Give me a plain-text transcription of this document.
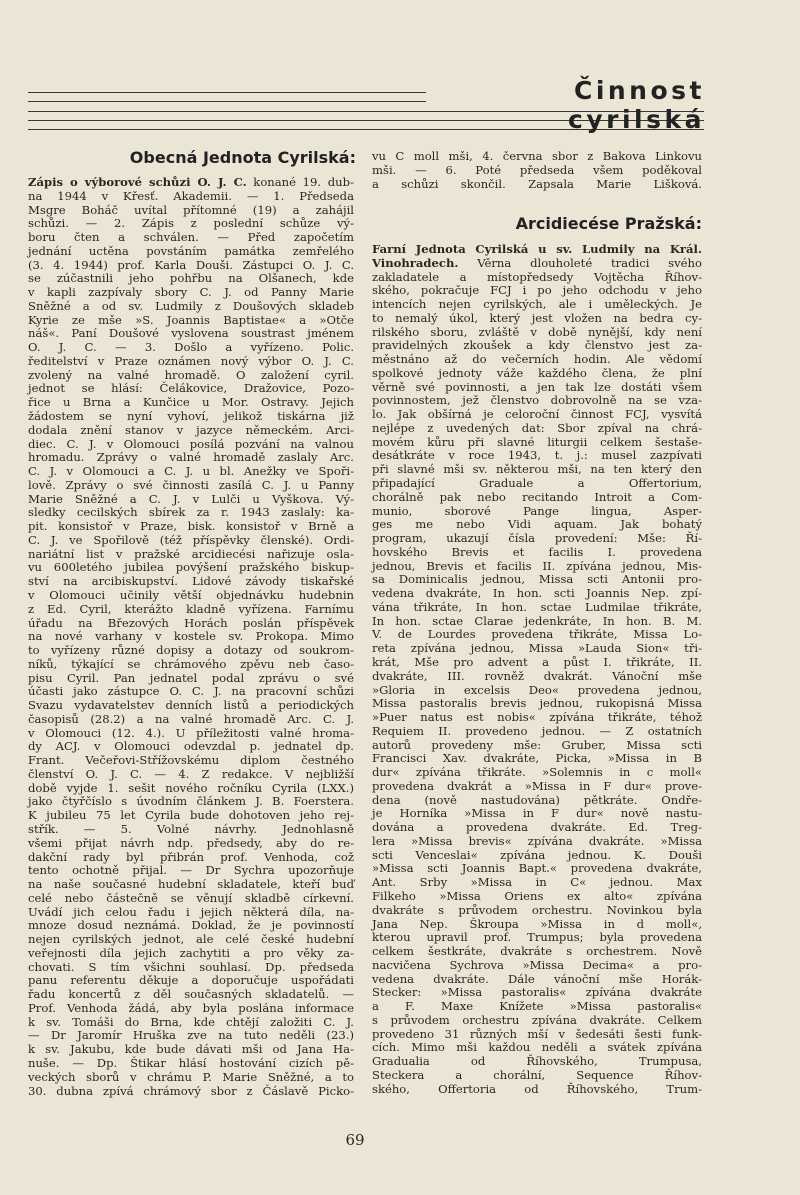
Činnost cyrilská
Obecná Jednota Cyrilská:
Zápis o výborové schůzi O. J. C. konané 19. dub-
na 1944 v Křesť. Akademii. — 1. Předseda
Msgre Boháč uvítal přítomné (19) a zahájil
schůzi. — 2. Zápis z poslední schůze vý-
boru čten a schválen. — Před započetím
jednání uctěna povstáním památka zemřelého
(3. 4. 1944) prof. Karla Douši. Zástupci O. J. C.
se zúčastnili jeho pohřbu na Olšanech, kde
v kapli zazpívaly sbory C. J. od Panny Marie
Sněžné a od sv. Ludmily z Doušových skladeb
Kyrie ze mše »S. Joannis Baptistae« a »Otče
náš«. Paní Doušové vyslovena soustrast jménem
O. J. C. — 3. Došlo a vyřízeno. Polic.
ředitelství v Praze oznámen nový výbor O. J. C.
zvolený na valné hromadě. O založení cyril.
jednot se hlásí: Čelákovice, Dražovice, Pozo-
řice u Brna a Kunčice u Mor. Ostravy. Jejich
žádostem se nyní vyhoví, jelikož tiskárna již
dodala znění stanov v jazyce německém. Arci-
diec. C. J. v Olomouci posílá pozvání na valnou
hromadu. Zprávy o valné hromadě zaslaly Arc.
C. J. v Olomouci a C. J. u bl. Anežky ve Spoři-
lově. Zprávy o své činnosti zasílá C. J. u Panny
Marie Sněžné a C. J. v Lulči u Vyškova. Vý-
sledky cecilských sbírek za r. 1943 zaslaly: ka-
pit. konsistoř v Praze, bisk. konsistoř v Brně a
C. J. ve Spořilově (též příspěvky členské). Ordi-
nariátní list v pražské arcidiecési nařizuje osla-
vu 600letého jubilea povýšení pražského biskup-
ství na arcibiskupství. Lidové závody tiskařské
v Olomouci učinily větší objednávku hudebnin
z Ed. Cyril, kterážto kladně vyřízena. Farnímu
úřadu na Březových Horách poslán příspěvek
na nové varhany v kostele sv. Prokopa. Mimo
to vyřízeny různé dopisy a dotazy od soukrom-
níků, týkající se chrámového zpěvu neb časo-
pisu Cyril. Pan jednatel podal zprávu o své
účasti jako zástupce O. C. J. na pracovní schůzi
Svazu vydavatelstev denních listů a periodických
časopisů (28.2) a na valné hromadě Arc. C. J.
v Olomouci (12. 4.). U příležitosti valné hroma-
dy ACJ. v Olomouci odevzdal p. jednatel dp.
Frant. Večeřovi-Střížovskému diplom čestného
členství O. J. C. — 4. Z redakce. V nejbližší
době vyjde 1. sešit nového ročníku Cyrila (LXX.)
jako čtyřčíslo s úvodním článkem J. B. Foerstera.
K jubileu 75 let Cyrila bude dohotoven jeho rej-
střík. — 5. Volné návrhy. Jednohlasně
všemi přijat návrh ndp. předsedy, aby do re-
dakční rady byl přibrán prof. Venhoda, což
tento ochotně přijal. — Dr Sychra upozorňuje
na naše současné hudební skladatele, kteří buď
celé nebo částečně se věnují skladbě církevní.
Uvádí jich celou řadu i jejich některá díla, na-
mnoze dosud neznámá. Doklad, že je povinností
nejen cyrilských jednot, ale celé české hudební
veřejnosti díla jejich zachytiti a pro věky za-
chovati. S tím všichni souhlasí. Dp. předseda
panu referentu děkuje a doporučuje uspořádati
řadu koncertů z děl současných skladatelů. —
Prof. Venhoda žádá, aby byla poslána informace
k sv. Tomáši do Brna, kde chtějí založiti C. J.
— Dr Jaromír Hruška zve na tuto neděli (23.)
k sv. Jakubu, kde bude dávati mši od Jana Ha-
nuše. — Dp. Štikar hlásí hostování cizích pě-
veckých sborů v chrámu P. Marie Sněžné, a to
30. dubna zpívá chrámový sbor z Čáslavě Picko-
vu C moll mši, 4. června sbor z Bakova Linkovu
mši. — 6. Poté předseda všem poděkoval
a schůzi skončil. Zapsala Marie Lišková.
Arcidiecése Pražská:
Farní Jednota Cyrilská u sv. Ludmily na Král.
Vinohradech. Věrna dlouholeté tradici svého
zakladatele a místopředsedy Vojtěcha Říhov-
ského, pokračuje FCJ i po jeho odchodu v jeho
intencích nejen cyrilských, ale i uměleckých. Je
to nemalý úkol, který jest vložen na bedra cy-
rilského sboru, zvláště v době nynější, kdy není
pravidelných zkoušek a kdy členstvo jest za-
městnáno až do večerních hodin. Ale vědomí
spolkové jednoty váže každého člena, že plní
věrně své povinnosti, a jen tak lze dostáti všem
povinnostem, jež členstvo dobrovolně na se vza-
lo. Jak obšírná je celoroční činnost FCJ, vysvítá
nejlépe z uvedených dat: Sbor zpíval na chrá-
movém kůru při slavné liturgii celkem šestaše-
desátkráte v roce 1943, t. j.: musel zazpívati
při slavné mši sv. některou mši, na ten který den
připadající Graduale a Offertorium,
chorálně pak nebo recitando Introit a Com-
munio, sborové Pange lingua, Asper-
ges me nebo Vidi aquam. Jak bohatý
program, ukazují čísla provedení: Mše: Ří-
hovského Brevis et facilis I. provedena
jednou, Brevis et facilis II. zpívána jednou, Mis-
sa Dominicalis jednou, Missa scti Antonii pro-
vedena dvakráte, In hon. scti Joannis Nep. zpí-
vána třikráte, In hon. sctae Ludmilae třikráte,
In hon. sctae Clarae jedenkráte, In hon. B. M.
V. de Lourdes provedena třikráte, Missa Lo-
reta zpívána jednou, Missa »Lauda Sion« tři-
krát, Mše pro advent a půst I. třikráte, II.
dvakráte, III. rovněž dvakrát. Vánoční mše
»Gloria in excelsis Deo« provedena jednou,
Missa pastoralis brevis jednou, rukopisná Missa
»Puer natus est nobis« zpívána třikráte, téhož
Requiem II. provedeno jednou. — Z ostatních
autorů provedeny mše: Gruber, Missa scti
Francisci Xav. dvakráte, Picka, »Missa in B
dur« zpívána třikráte. »Solemnis in c moll«
provedena dvakrát a »Missa in F dur« prove-
dena (nově nastudována) pětkráte. Ondře-
je Horníka »Missa in F dur« nově nastu-
dována a provedena dvakráte. Ed. Treg-
lera »Missa brevis« zpívána dvakráte. »Missa
scti Venceslai« zpívána jednou. K. Douši
»Missa scti Joannis Bapt.« provedena dvakráte,
Ant. Srby »Missa in C« jednou. Max
Filkeho »Missa Oriens ex alto« zpívána
dvakráte s průvodem orchestru. Novinkou byla
Jana Nep. Škroupa »Missa in d moll«,
kterou upravil prof. Trumpus; byla provedena
celkem šestkráte, dvakráte s orchestrem. Nově
nacvičena Sychrova »Missa Decima« a pro-
vedena dvakráte. Dále vánoční mše Horák-
Stecker: »Missa pastoralis« zpívána dvakráte
a F. Maxe Knížete »Missa pastoralis«
s průvodem orchestru zpívána dvakráte. Celkem
provedeno 31 různých mší v šedesáti šesti funk-
cích. Mimo mši každou neděli a svátek zpívána
Gradualia od Říhovského, Trumpusa,
Steckera a chorální, Sequence Říhov-
ského, Offertoria od Říhovského, Trum-
69
